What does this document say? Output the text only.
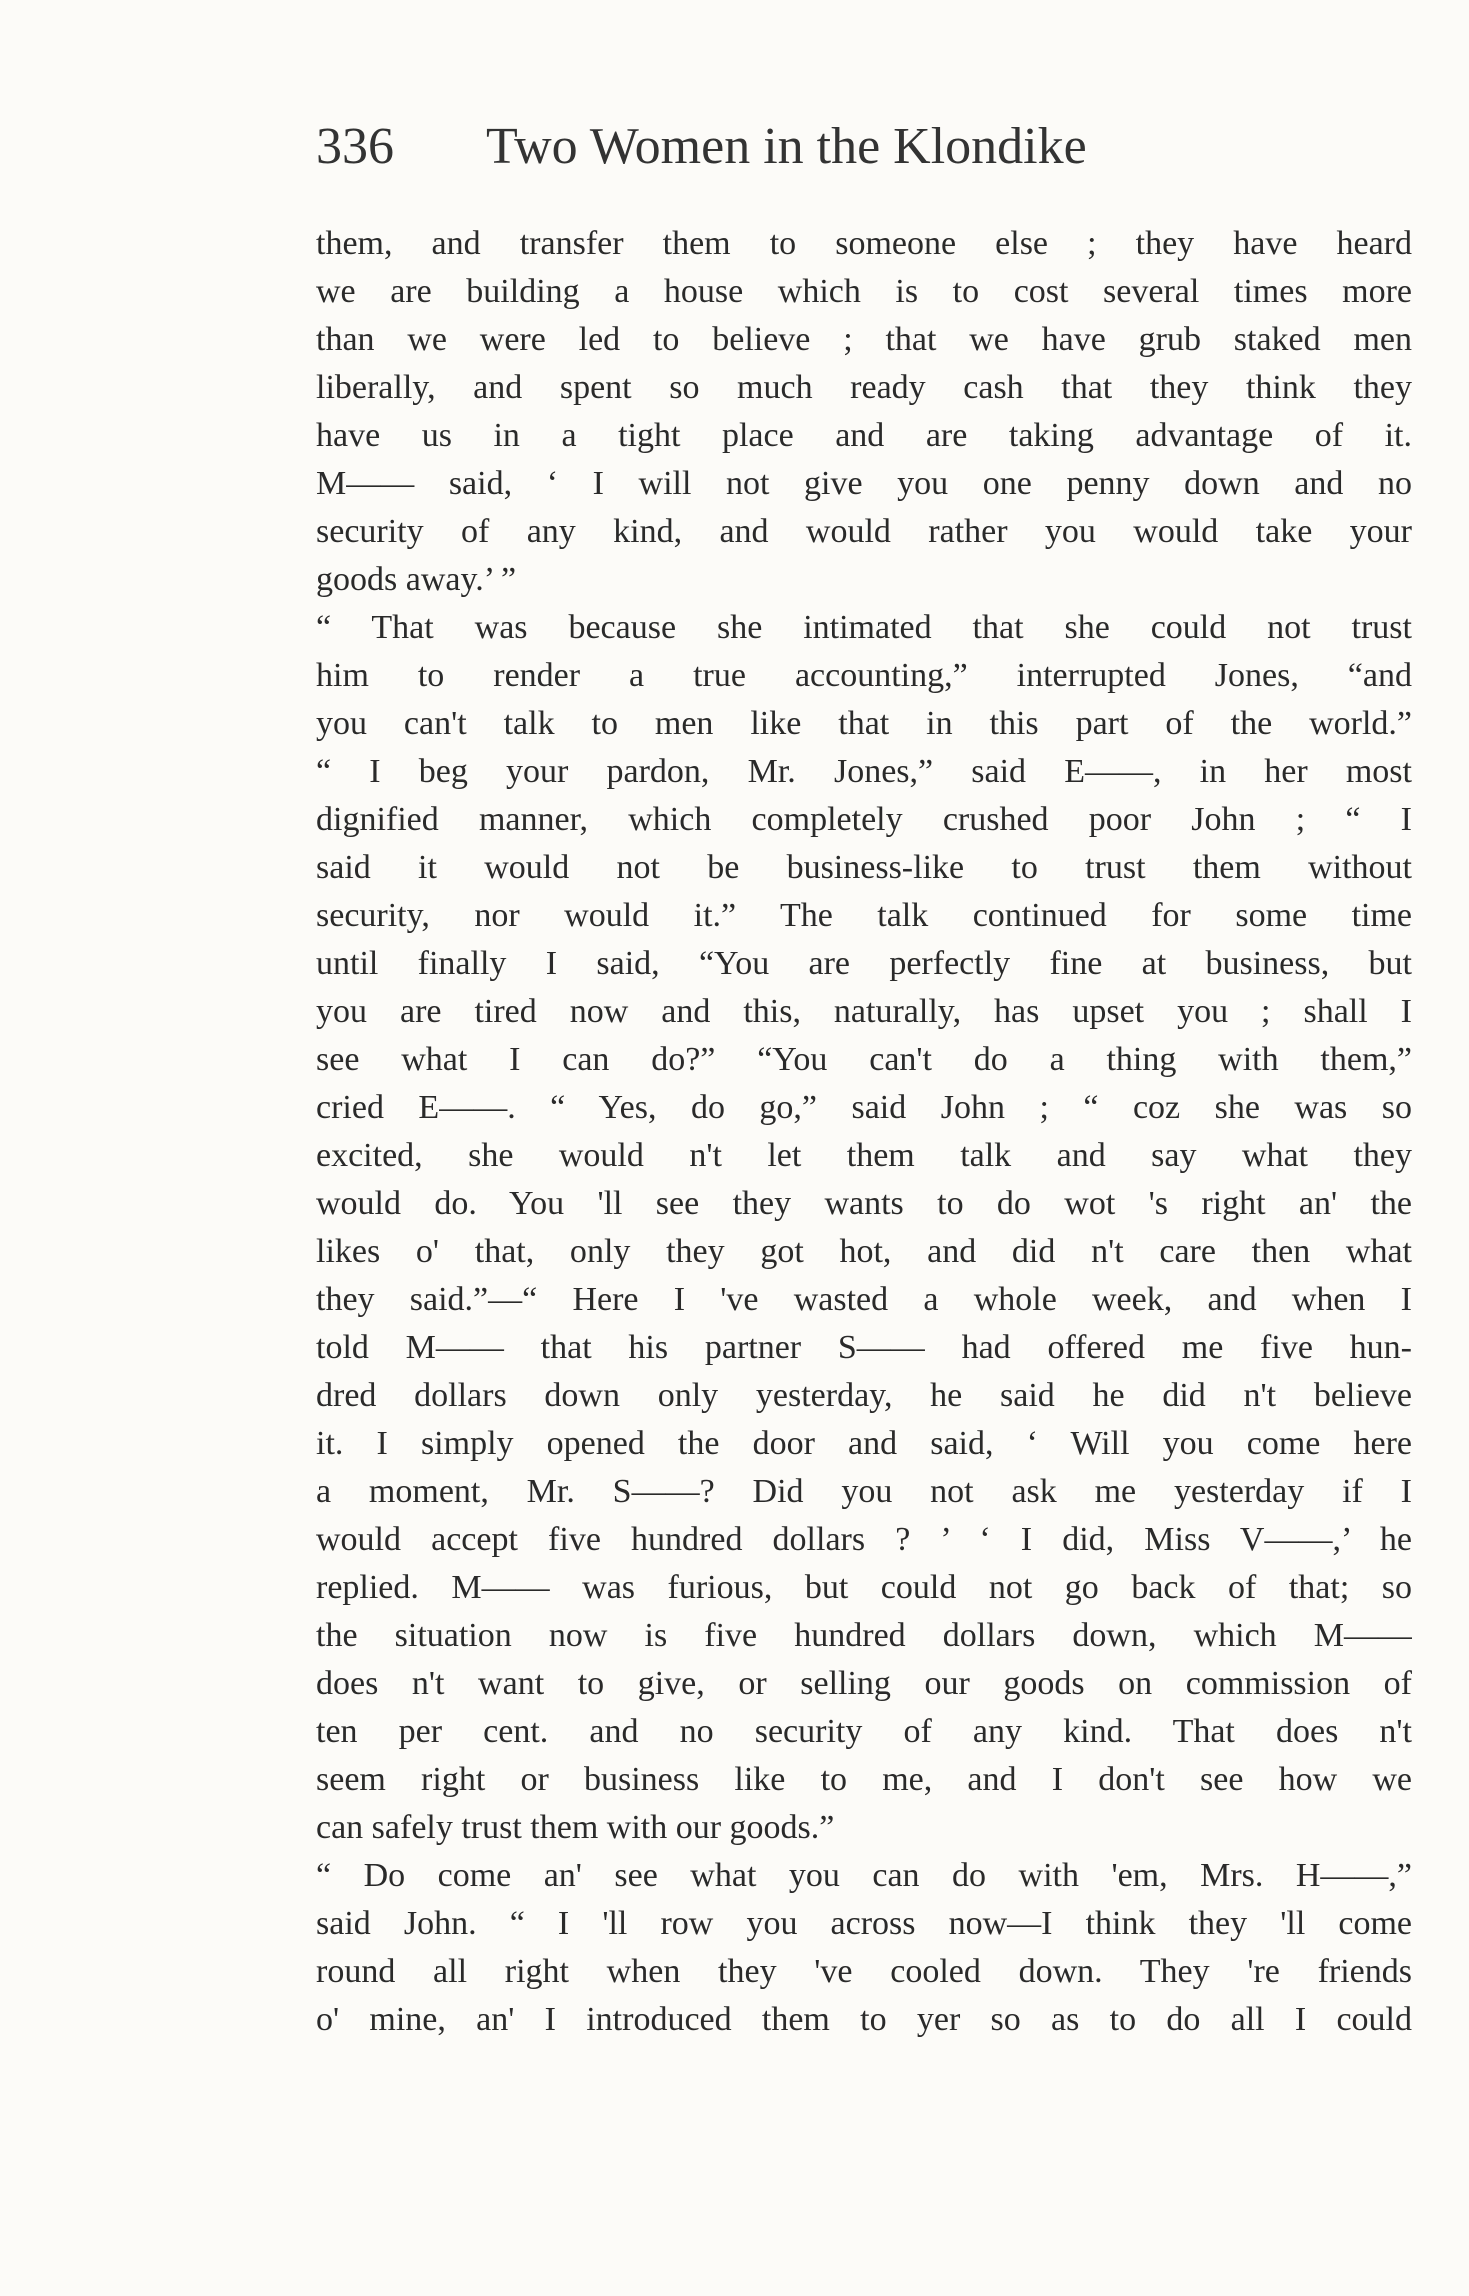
336 Two Women in the Klondike
them, and transfer them to someone else ; they have heard
we are building a house which is to cost several times more
than we were led to believe ; that we have grub staked men
liberally, and spent so much ready cash that they think they
have us in a tight place and are taking advantage of it.
M—— said, ‘ I will not give you one penny down and no
security of any kind, and would rather you would take your
goods away.’ ”
“ That was because she intimated that she could not trust
him to render a true accounting,” interrupted Jones, “and
you can't talk to men like that in this part of the world.”
“ I beg your pardon, Mr. Jones,” said E——, in her most
dignified manner, which completely crushed poor John ; “ I
said it would not be business-like to trust them without
security, nor would it.” The talk continued for some time
until finally I said, “You are perfectly fine at business, but
you are tired now and this, naturally, has upset you ; shall I
see what I can do?” “You can't do a thing with them,”
cried E——. “ Yes, do go,” said John ; “ coz she was so
excited, she would n't let them talk and say what they
would do. You 'll see they wants to do wot 's right an' the
likes o' that, only they got hot, and did n't care then what
they said.”—“ Here I 've wasted a whole week, and when I
told M—— that his partner S—— had offered me five hun-
dred dollars down only yesterday, he said he did n't believe
it. I simply opened the door and said, ‘ Will you come here
a moment, Mr. S——? Did you not ask me yesterday if I
would accept five hundred dollars ? ’ ‘ I did, Miss V——,’ he
replied. M—— was furious, but could not go back of that; so
the situation now is five hundred dollars down, which M——
does n't want to give, or selling our goods on commission of
ten per cent. and no security of any kind. That does n't
seem right or business like to me, and I don't see how we
can safely trust them with our goods.”
“ Do come an' see what you can do with 'em, Mrs. H——,”
said John. “ I 'll row you across now—I think they 'll come
round all right when they 've cooled down. They 're friends
o' mine, an' I introduced them to yer so as to do all I could
